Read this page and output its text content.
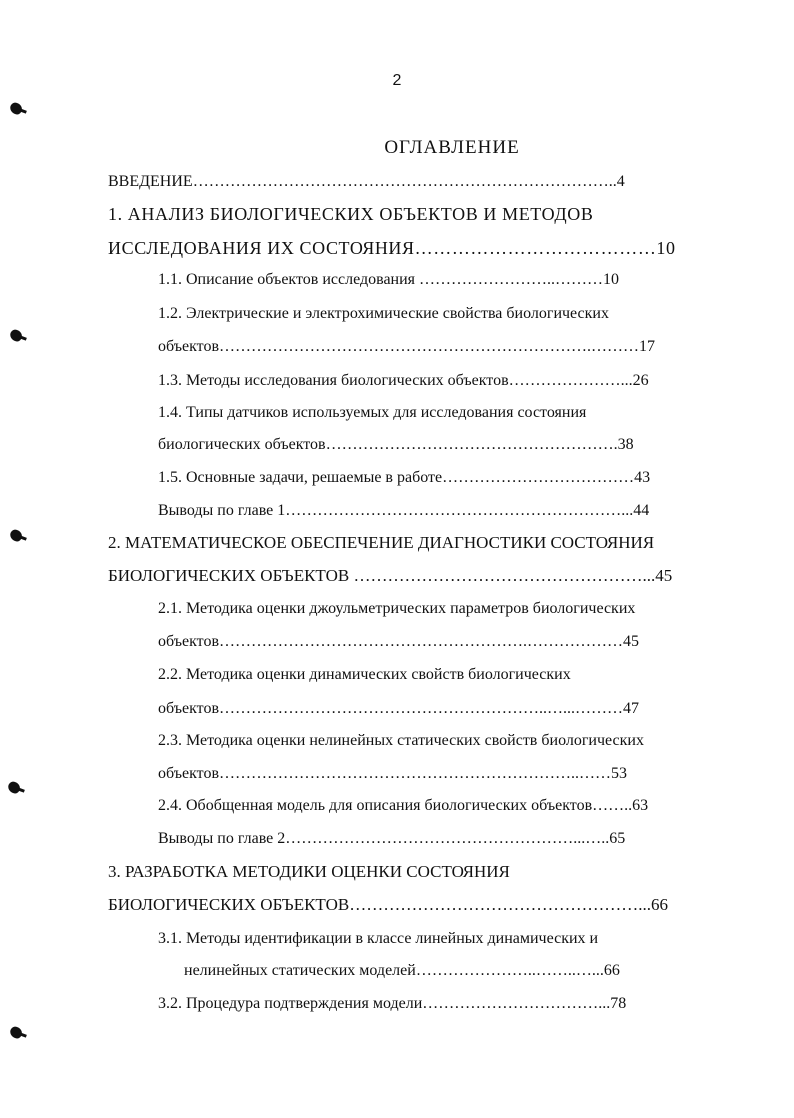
2
ОГЛАВЛЕНИЕ
ВВЕДЕНИЕ……………………………………………………………………..4
1. АНАЛИЗ БИОЛОГИЧЕСКИХ ОБЪЕКТОВ И МЕТОДОВ
ИССЛЕДОВАНИЯ ИХ СОСТОЯНИЯ…………………………………10
1.1. Описание объектов исследования ……………………..………10
1.2. Электрические и электрохимические свойства биологических
объектов…………………………………………………………….………17
1.3. Методы исследования биологических объектов…………………...26
1.4. Типы датчиков используемых для исследования состояния
биологических объектов……………………………………………….38
1.5. Основные задачи, решаемые в работе………………………………43
Выводы по главе 1………………………………………………………...44
2. МАТЕМАТИЧЕСКОЕ ОБЕСПЕЧЕНИЕ ДИАГНОСТИКИ СОСТОЯНИЯ
БИОЛОГИЧЕСКИХ ОБЪЕКТОВ ……………………………………………...45
2.1. Методика оценки джоульметрических параметров биологических
объектов………………………………………………….………………45
2.2. Методика оценки динамических свойств биологических
объектов……………………………………………………..…...………47
2.3. Методика оценки нелинейных статических свойств биологических
объектов…………………………………………………………..……53
2.4. Обобщенная модель для описания биологических объектов……..63
Выводы по главе 2………………………………………………...…..65
3. РАЗРАБОТКА МЕТОДИКИ ОЦЕНКИ СОСТОЯНИЯ
БИОЛОГИЧЕСКИХ ОБЪЕКТОВ……………………………………………...66
3.1. Методы идентификации в классе линейных динамических и
нелинейных статических моделей…………………..……..…...66
3.2. Процедура подтверждения модели……………………………...78
